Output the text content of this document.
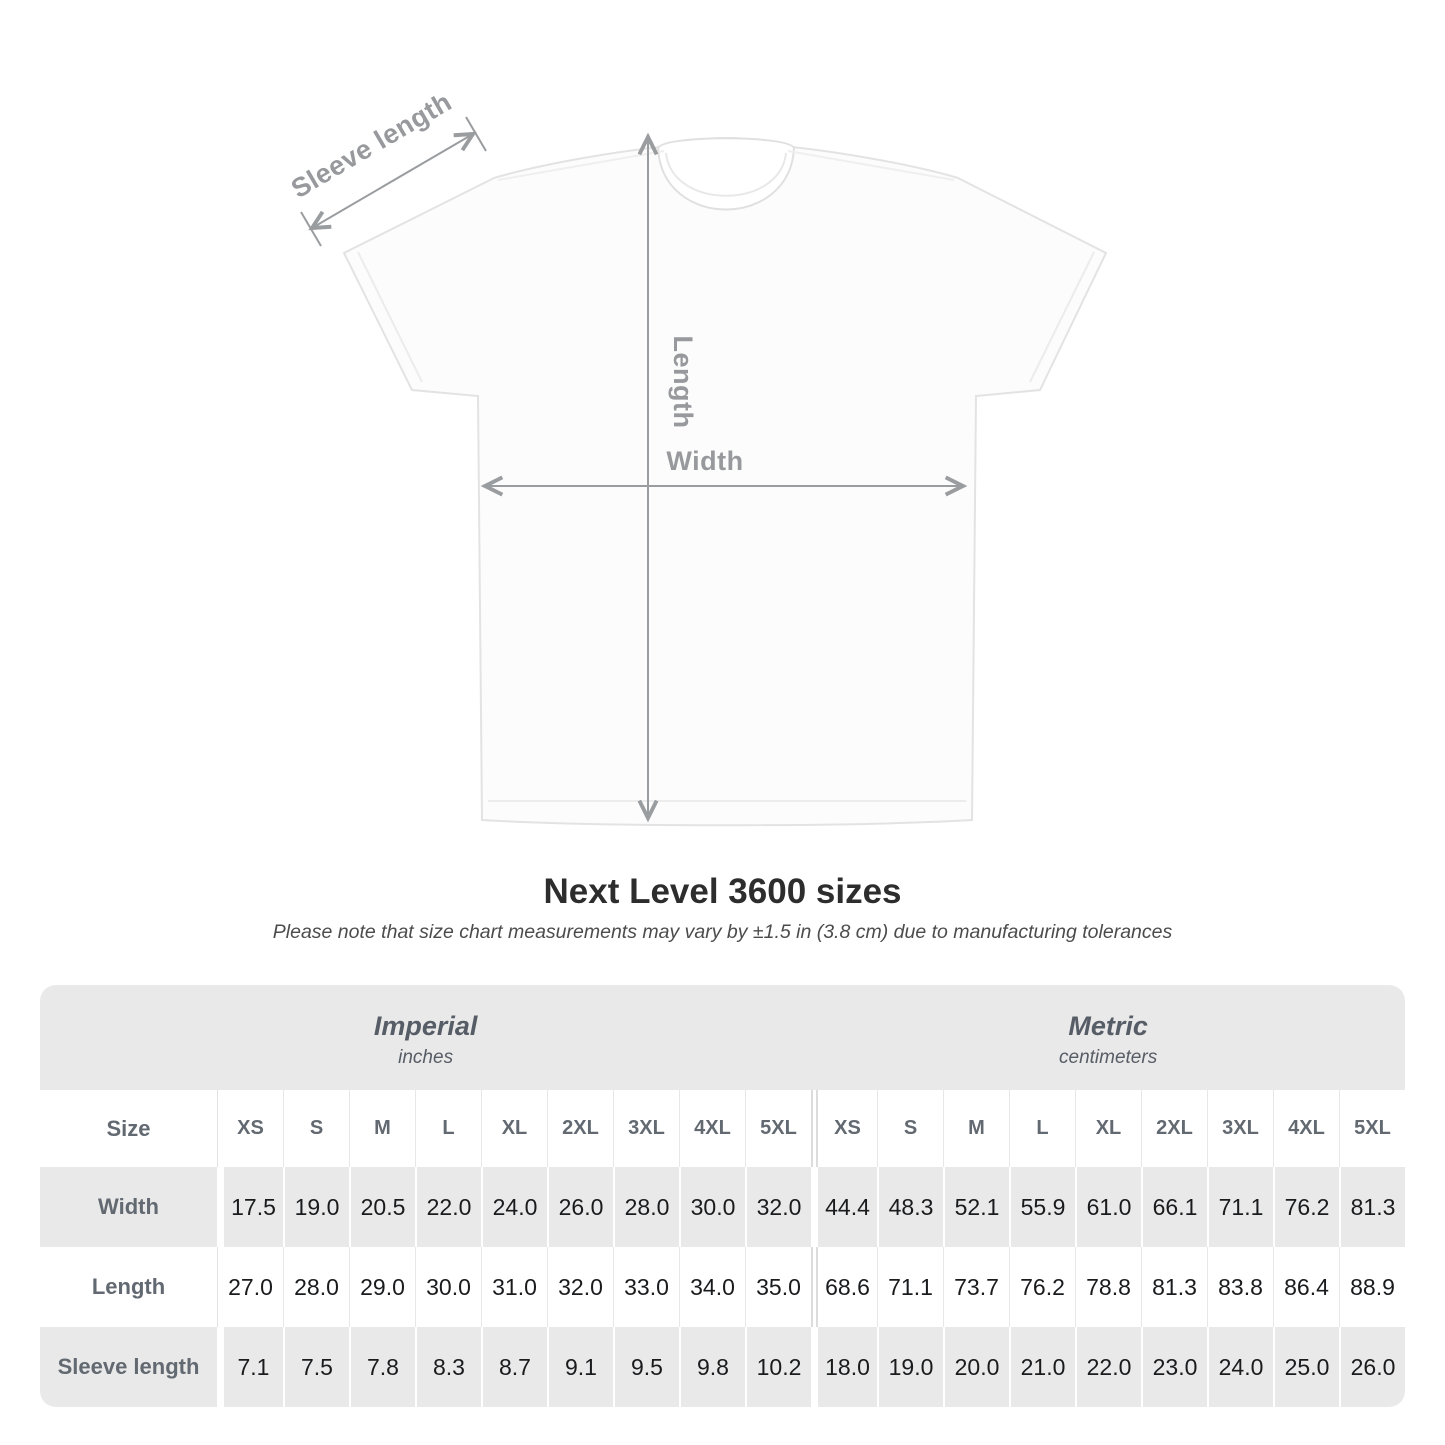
Width
Length
Sleeve length
Next Level 3600 sizes
Please note that size chart measurements may vary by ±1.5 in (3.8 cm) due to manufacturing tolerances
Imperial
inches
Metric
centimeters
Size	XS	S	M	L	XL	2XL	3XL	4XL	5XL	XS	S	M	L	XL	2XL	3XL	4XL	5XL
Width	17.5 19.0 20.5 22.0 24.0 26.0 28.0 30.0 32.0	44.4 48.3 52.1 55.9 61.0 66.1 71.1 76.2 81.3
Length	27.0 28.0 29.0 30.0 31.0 32.0 33.0 34.0 35.0	68.6 71.1 73.7 76.2 78.8 81.3 83.8 86.4 88.9
Sleeve length	7.1	7.5	7.8	8.3	8.7	9.1	9.5	9.8	10.2	18.0 19.0 20.0 21.0 22.0 23.0 24.0 25.0 26.0
